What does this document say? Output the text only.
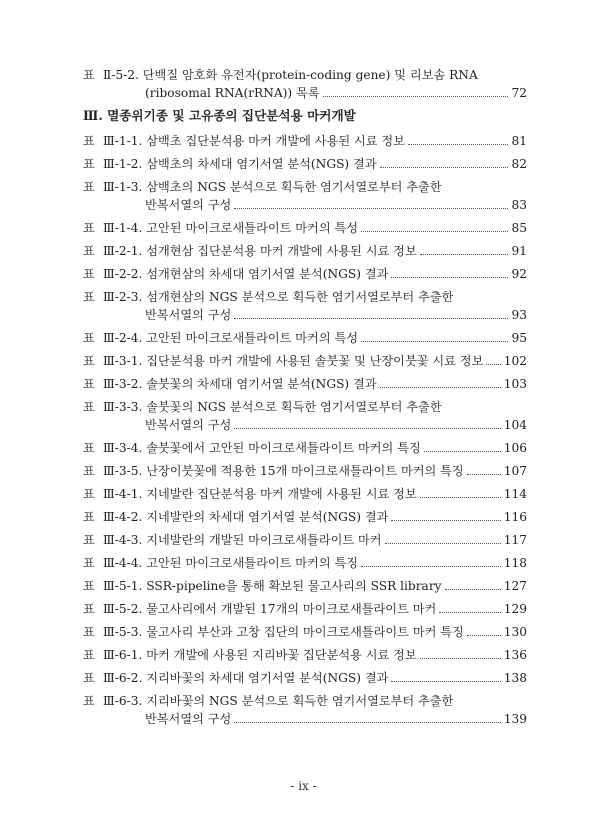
표 Ⅱ-5-2. 단백질 암호화 유전자(protein-coding gene) 및 리보솜 RNA
(ribosomal RNA(rRNA)) 목록	72
Ⅲ. 멸종위기종 및 고유종의 집단분석용 마커개발
표 Ⅲ-1-1. 삼백초 집단분석용 마커 개발에 사용된 시료 정보	81
표 Ⅲ-1-2. 삼백초의 차세대 염기서열 분석(NGS) 결과	82
표 Ⅲ-1-3. 삼백초의 NGS 분석으로 획득한 염기서열로부터 추출한
반복서열의 구성	83
표 Ⅲ-1-4. 고안된 마이크로새틀라이트 마커의 특성	85
표 Ⅲ-2-1. 섬개현삼 집단분석용 마커 개발에 사용된 시료 정보	91
표 Ⅲ-2-2. 섬개현삼의 차세대 염기서열 분석(NGS) 결과	92
표 Ⅲ-2-3. 섬개현삼의 NGS 분석으로 획득한 염기서열로부터 추출한
반복서열의 구성	93
표 Ⅲ-2-4. 고안된 마이크로새틀라이트 마커의 특성	95
표 Ⅲ-3-1. 집단분석용 마커 개발에 사용된 솔붓꽃 및 난장이붓꽃 시료 정보 102
표 Ⅲ-3-2. 솔붓꽃의 차세대 염기서열 분석(NGS) 결과	103
표 Ⅲ-3-3. 솔붓꽃의 NGS 분석으로 획득한 염기서열로부터 추출한
반복서열의 구성	104
표 Ⅲ-3-4. 솔붓꽃에서 고안된 마이크로새틀라이트 마커의 특징	106
표 Ⅲ-3-5. 난장이붓꽃에 적용한 15개 마이크로새틀라이트 마커의 특징	107
표 Ⅲ-4-1. 지네발란 집단분석용 마커 개발에 사용된 시료 정보	114
표 Ⅲ-4-2. 지네발란의 차세대 염기서열 분석(NGS) 결과	116
표 Ⅲ-4-3. 지네발란의 개발된 마이크로새틀라이트 마커	117
표 Ⅲ-4-4. 고안된 마이크로새틀라이트 마커의 특징	118
표 Ⅲ-5-1. SSR-pipeline을 통해 확보된 물고사리의 SSR library	127
표 Ⅲ-5-2. 물고사리에서 개발된 17개의 마이크로새틀라이트 마커	129
표 Ⅲ-5-3. 물고사리 부산과 고창 집단의 마이크로새틀라이트 마커 특징	130
표 Ⅲ-6-1. 마커 개발에 사용된 지리바꽃 집단분석용 시료 정보	136
표 Ⅲ-6-2. 지리바꽃의 차세대 염기서열 분석(NGS) 결과	138
표 Ⅲ-6-3. 지리바꽃의 NGS 분석으로 획득한 염기서열로부터 추출한
반복서열의 구성	139
- ix -
